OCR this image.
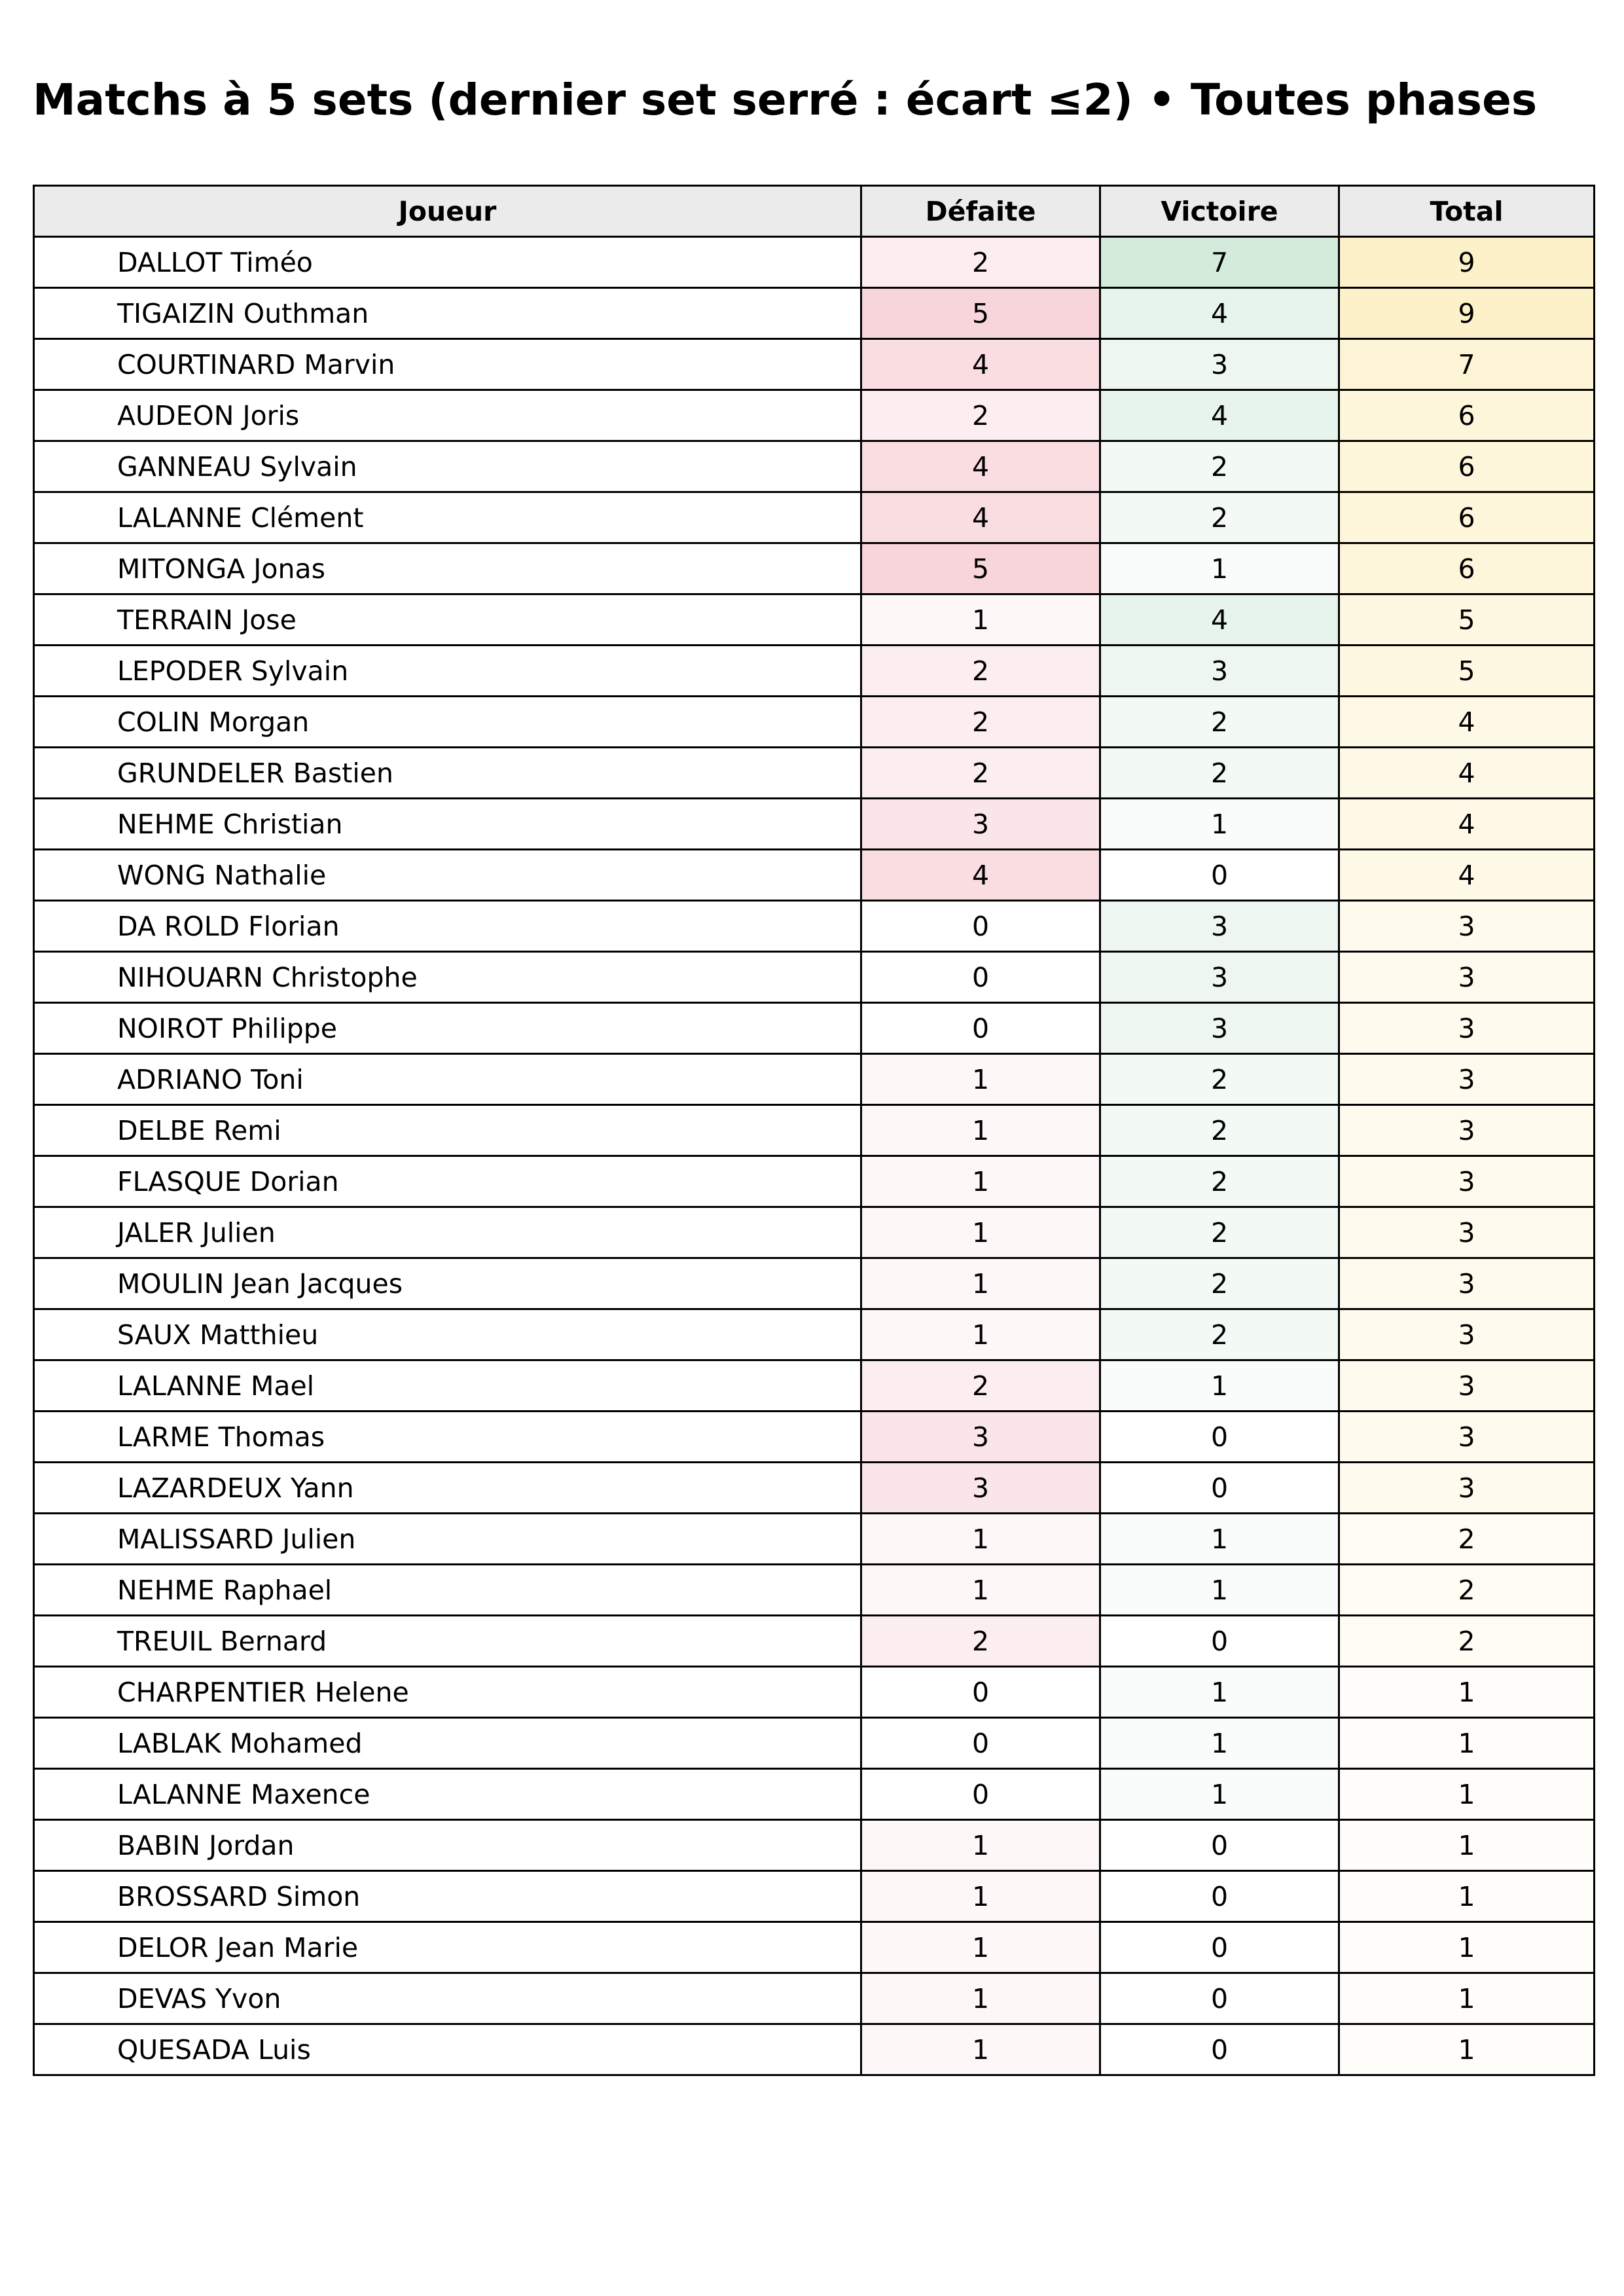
Matchs à 5 sets (dernier set serré : écart ≤2) • Toutes phases
Joueur	Défaite	Victoire	Total
DALLOT Timéo	2	7	9
TIGAIZIN Outhman	5	4	9
COURTINARD Marvin	4	3	7
AUDEON Joris	2	4	6
GANNEAU Sylvain	4	2	6
LALANNE Clément	4	2	6
MITONGA Jonas	5	1	6
TERRAIN Jose	1	4	5
LEPODER Sylvain	2	3	5
COLIN Morgan	2	2	4
GRUNDELER Bastien	2	2	4
NEHME Christian	3	1	4
WONG Nathalie	4	0	4
DA ROLD Florian	0	3	3
NIHOUARN Christophe	0	3	3
NOIROT Philippe	0	3	3
ADRIANO Toni	1	2	3
DELBE Remi	1	2	3
FLASQUE Dorian	1	2	3
JALER Julien	1	2	3
MOULIN Jean Jacques	1	2	3
SAUX Matthieu	1	2	3
LALANNE Mael	2	1	3
LARME Thomas	3	0	3
LAZARDEUX Yann	3	0	3
MALISSARD Julien	1	1	2
NEHME Raphael	1	1	2
TREUIL Bernard	2	0	2
CHARPENTIER Helene	0	1	1
LABLAK Mohamed	0	1	1
LALANNE Maxence	0	1	1
BABIN Jordan	1	0	1
BROSSARD Simon	1	0	1
DELOR Jean Marie	1	0	1
DEVAS Yvon	1	0	1
QUESADA Luis	1	0	1
